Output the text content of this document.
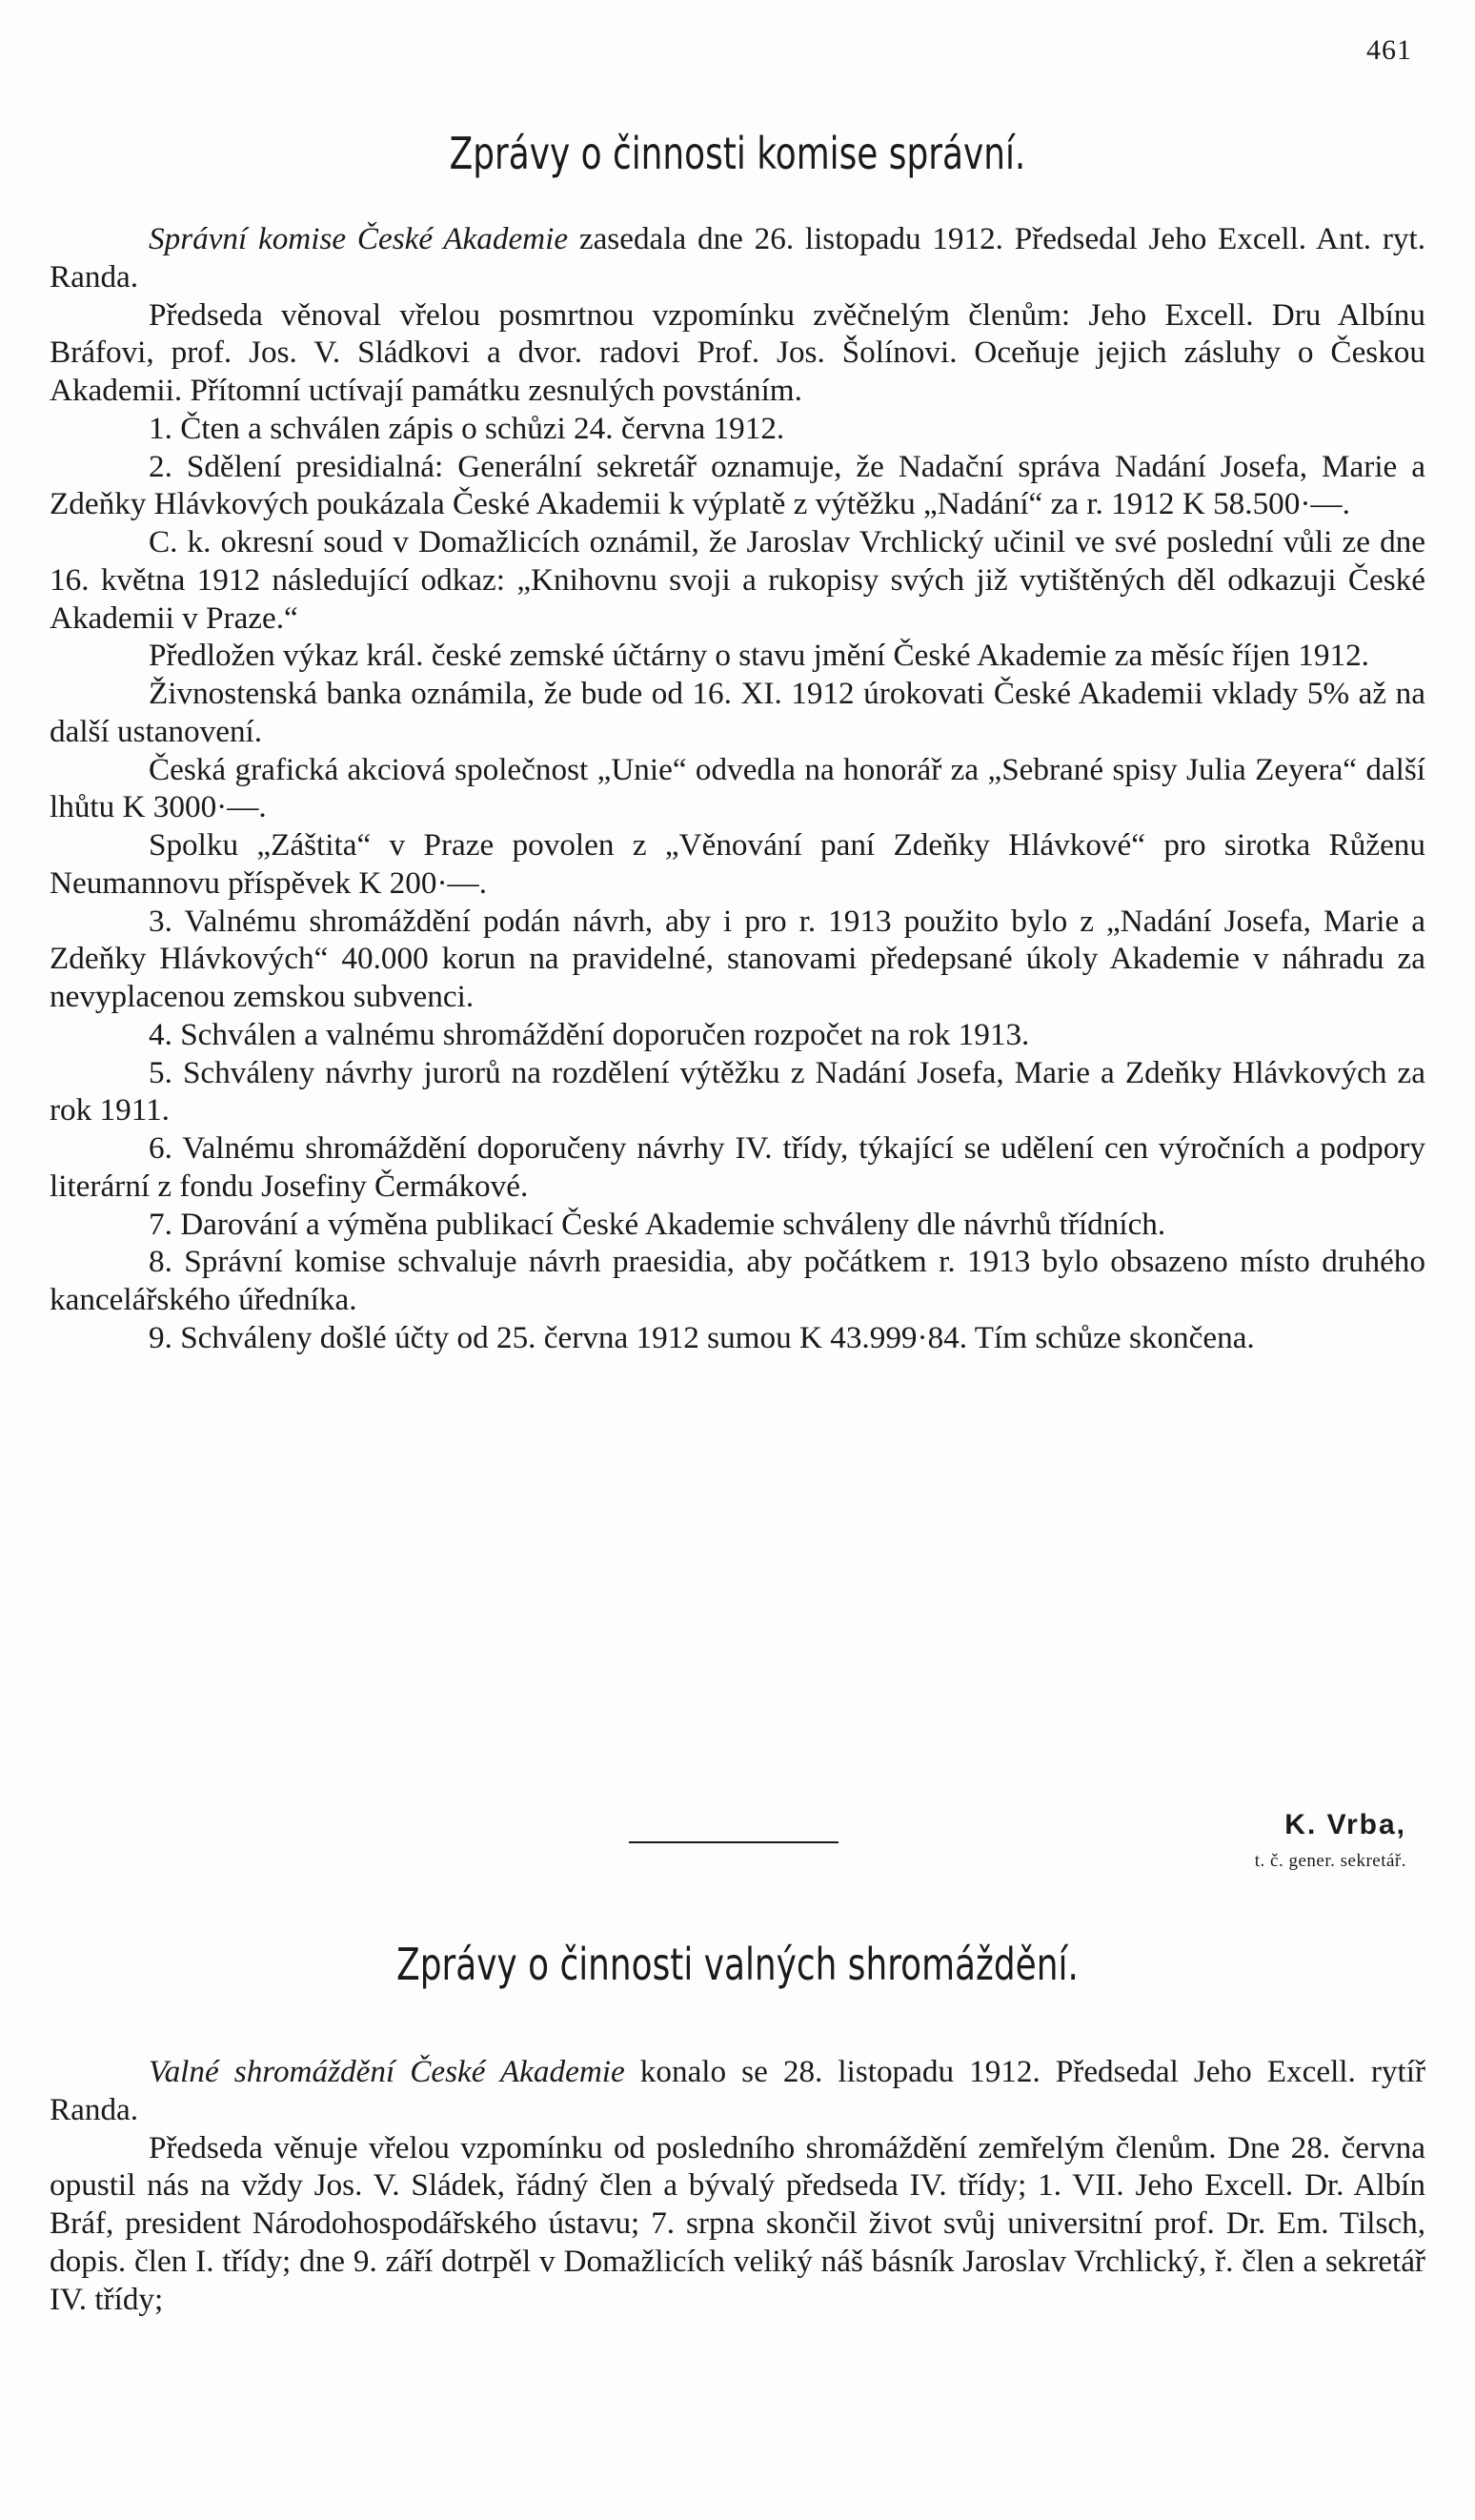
461
Zprávy o činnosti komise správní.

Správní komise České Akademie zasedala dne 26. listopadu 1912. Předsedal Jeho Excell. Ant. ryt. Randa.

Předseda věnoval vřelou posmrtnou vzpomínku zvěčnelým členům: Jeho Excell. Dru Albínu Bráfovi, prof. Jos. V. Sládkovi a dvor. radovi Prof. Jos. Šolínovi. Oceňuje jejich zásluhy o Českou Akademii. Přítomní uctívají památku zesnulých povstáním.

1. Čten a schválen zápis o schůzi 24. června 1912.

2. Sdělení presidialná: Generální sekretář oznamuje, že Nadační správa Nadání Josefa, Marie a Zdeňky Hlávkových poukázala České Akademii k výplatě z výtěžku „Nadání“ za r. 1912 K 58.500·—.

C. k. okresní soud v Domažlicích oznámil, že Jaroslav Vrchlický učinil ve své poslední vůli ze dne 16. května 1912 následující odkaz: „Knihovnu svoji a rukopisy svých již vytištěných děl odkazuji České Akademii v Praze.“

Předložen výkaz král. české zemské účtárny o stavu jmění České Akademie za měsíc říjen 1912.

Živnostenská banka oznámila, že bude od 16. XI. 1912 úrokovati České Akademii vklady 5% až na další ustanovení.

Česká grafická akciová společnost „Unie“ odvedla na honorář za „Sebrané spisy Julia Zeyera“ další lhůtu K 3000·—.

Spolku „Záštita“ v Praze povolen z „Věnování paní Zdeňky Hlávkové“ pro sirotka Růženu Neumannovu příspěvek K 200·—.

3. Valnému shromáždění podán návrh, aby i pro r. 1913 použito bylo z „Nadání Josefa, Marie a Zdeňky Hlávkových“ 40.000 korun na pravidelné, stanovami předepsané úkoly Akademie v náhradu za nevyplacenou zemskou subvenci.

4. Schválen a valnému shromáždění doporučen rozpočet na rok 1913.

5. Schváleny návrhy jurorů na rozdělení výtěžku z Nadání Josefa, Marie a Zdeňky Hlávkových za rok 1911.

6. Valnému shromáždění doporučeny návrhy IV. třídy, týkající se udělení cen výročních a podpory literární z fondu Josefiny Čermákové.

7. Darování a výměna publikací České Akademie schváleny dle návrhů třídních.

8. Správní komise schvaluje návrh praesidia, aby počátkem r. 1913 bylo obsazeno místo druhého kancelářského úředníka.

9. Schváleny došlé účty od 25. června 1912 sumou K 43.999·84. Tím schůze skončena.

K. Vrba,
t. č. gener. sekretář.
Zprávy o činnosti valných shromáždění.

Valné shromáždění České Akademie konalo se 28. listopadu 1912. Předsedal Jeho Excell. rytíř Randa.

Předseda věnuje vřelou vzpomínku od posledního shromáždění zemřelým členům. Dne 28. června opustil nás na vždy Jos. V. Sládek, řádný člen a bývalý předseda IV. třídy; 1. VII. Jeho Excell. Dr. Albín Bráf, president Národohospodářského ústavu; 7. srpna skončil život svůj universitní prof. Dr. Em. Tilsch, dopis. člen I. třídy; dne 9. září dotrpěl v Domažlicích veliký náš básník Jaroslav Vrchlický, ř. člen a sekretář IV. třídy;
